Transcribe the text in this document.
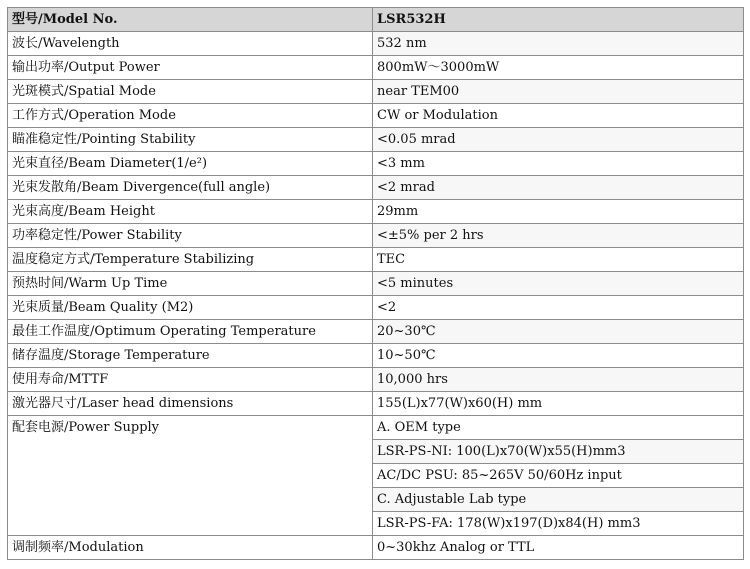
型号/Model No.	LSR532H
波长/Wavelength	532 nm
输出功率/Output Power	800mW～3000mW
光斑模式/Spatial Mode	near TEM00
工作方式/Operation Mode	CW or Modulation
瞄准稳定性/Pointing Stability	<0.05 mrad
光束直径/Beam Diameter(1/e²)	<3 mm
光束发散角/Beam Divergence(full angle)	<2 mrad
光束高度/Beam Height	29mm
功率稳定性/Power Stability	<±5% per 2 hrs
温度稳定方式/Temperature Stabilizing	TEC
预热时间/Warm Up Time	<5 minutes
光束质量/Beam Quality (M2)	<2
最佳工作温度/Optimum Operating Temperature	20~30℃
储存温度/Storage Temperature	10~50℃
使用寿命/MTTF	10,000 hrs
激光器尺寸/Laser head dimensions	155(L)x77(W)x60(H) mm
配套电源/Power Supply	A. OEM type
	LSR-PS-NI: 100(L)x70(W)x55(H)mm3
	AC/DC PSU: 85~265V 50/60Hz input
	C. Adjustable Lab type
	LSR-PS-FA: 178(W)x197(D)x84(H) mm3
调制频率/Modulation	0~30khz Analog or TTL
